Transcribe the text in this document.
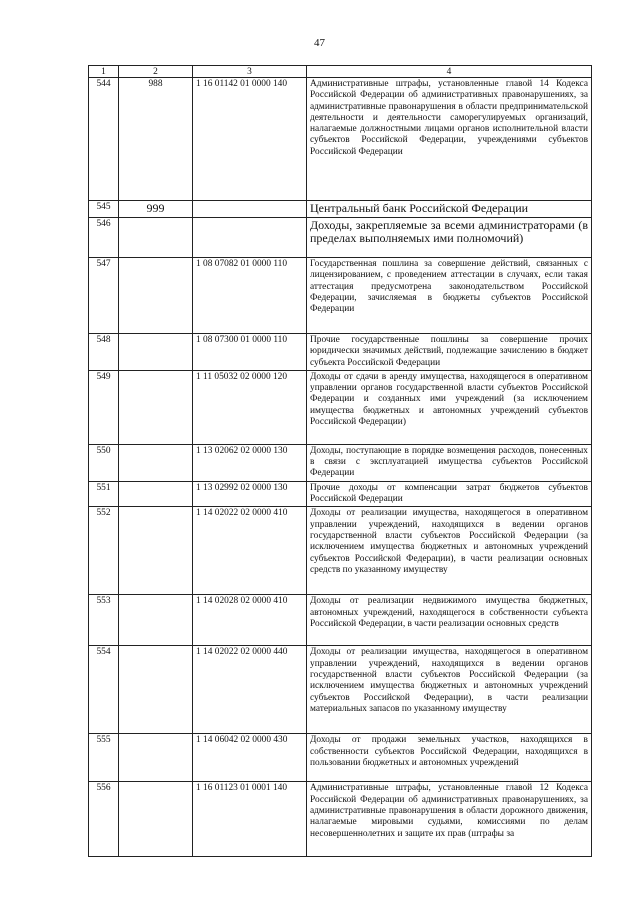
47
1	2	3	4
544	988	1 16 01142 01 0000 140	Административные штрафы, установленные главой 14 Кодекса Российской Федерации об административных правонарушениях, за административные правонарушения в области предпринимательской деятельности и деятельности саморегулируемых организаций, налагаемые должностными лицами органов исполнительной власти субъектов Российской Федерации, учреждениями субъектов Российской Федерации
545	999		Центральный банк Российской Федерации
546			Доходы, закрепляемые за всеми администраторами (в пределах выполняемых ими полномочий)
547		1 08 07082 01 0000 110	Государственная пошлина за совершение действий, связанных с лицензированием, с проведением аттестации в случаях, если такая аттестация предусмотрена законодательством Российской Федерации, зачисляемая в бюджеты субъектов Российской Федерации
548		1 08 07300 01 0000 110	Прочие государственные пошлины за совершение прочих юридически значимых действий, подлежащие зачислению в бюджет субъекта Российской Федерации
549		1 11 05032 02 0000 120	Доходы от сдачи в аренду имущества, находящегося в оперативном управлении органов государственной власти субъектов Российской Федерации и созданных ими учреждений (за исключением имущества бюджетных и автономных учреждений субъектов Российской Федерации)
550		1 13 02062 02 0000 130	Доходы, поступающие в порядке возмещения расходов, понесенных в связи с эксплуатацией имущества субъектов Российской Федерации
551		1 13 02992 02 0000 130	Прочие доходы от компенсации затрат бюджетов субъектов Российской Федерации
552		1 14 02022 02 0000 410	Доходы от реализации имущества, находящегося в оперативном управлении учреждений, находящихся в ведении органов государственной власти субъектов Российской Федерации (за исключением имущества бюджетных и автономных учреждений субъектов Российской Федерации), в части реализации основных средств по указанному имуществу
553		1 14 02028 02 0000 410	Доходы от реализации недвижимого имущества бюджетных, автономных учреждений, находящегося в собственности субъекта Российской Федерации, в части реализации основных средств
554		1 14 02022 02 0000 440	Доходы от реализации имущества, находящегося в оперативном управлении учреждений, находящихся в ведении органов государственной власти субъектов Российской Федерации (за исключением имущества бюджетных и автономных учреждений субъектов Российской Федерации), в части реализации материальных запасов по указанному имуществу
555		1 14 06042 02 0000 430	Доходы от продажи земельных участков, находящихся в собственности субъектов Российской Федерации, находящихся в пользовании бюджетных и автономных учреждений
556		1 16 01123 01 0001 140	Административные штрафы, установленные главой 12 Кодекса Российской Федерации об административных правонарушениях, за административные правонарушения в области дорожного движения, налагаемые мировыми судьями, комиссиями по делам несовершеннолетних и защите их прав (штрафы за
